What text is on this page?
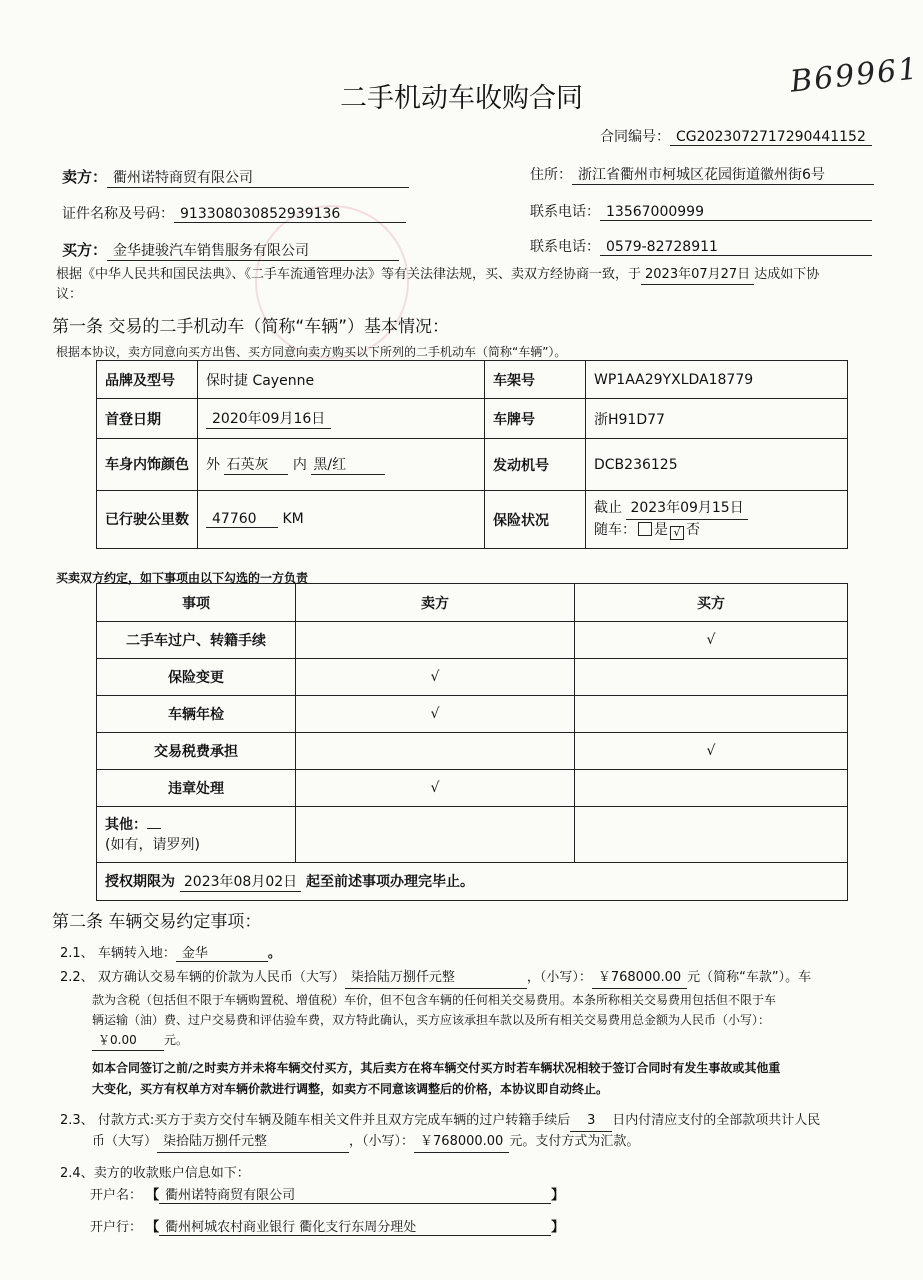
B69961
二手机动车收购合同
合同编号： CG2023072717290441152
卖方： 衢州诺特商贸有限公司	住所： 浙江省衢州市柯城区花园街道徽州街6号
证件名称及号码： 913308030852939136	联系电话： 13567000999
买方： 金华捷骏汽车销售服务有限公司	联系电话： 0579-82728911
根据《中华人民共和国民法典》、《二手车流通管理办法》等有关法律法规，买、卖双方经协商一致，于 2023年07月27日 达成如下协
议：
第一条 交易的二手机动车（简称“车辆”）基本情况：
根据本协议，卖方同意向买方出售、买方同意向卖方购买以下所列的二手机动车（简称“车辆”）。
品牌及型号	保时捷 Cayenne	车架号	WP1AA29YXLDA18779
首登日期	2020年09月16日	车牌号	浙H91D77
车身内饰颜色	外 石英灰 内 黑/红	发动机号	DCB236125
已行驶公里数	47760 KM	保险状况	截止 2023年09月15日
随车： 是 √ 否
买卖双方约定，如下事项由以下勾选的一方负责
事项	卖方	买方
二手车过户、转籍手续		√
保险变更	√	
车辆年检	√	
交易税费承担		√
违章处理	√	
其他：
(如有，请罗列)		
授权期限为 2023年08月02日 起至前述事项办理完毕止。		
第二条 车辆交易约定事项：
2.1、 车辆转入地： 金华	。
2.2、 双方确认交易车辆的价款为人民币（大写） 柒拾陆万捌仟元整	，（小写）： ￥768000.00 元（简称“车款”）。车
款为含税（包括但不限于车辆购置税、增值税）车价，但不包含车辆的任何相关交易费用。本条所称相关交易费用包括但不限于车
辆运输（油）费、过户交易费和评估验车费，双方特此确认，买方应该承担车款以及所有相关交易费用总金额为人民币（小写）：
￥0.00 元。
如本合同签订之前/之时卖方并未将车辆交付买方，其后卖方在将车辆交付买方时若车辆状况相较于签订合同时有发生事故或其他重
大变化，买方有权单方对车辆价款进行调整，如卖方不同意该调整后的价格，本协议即自动终止。
2.3、 付款方式:买方于卖方交付车辆及随车相关文件并且双方完成车辆的过户转籍手续后 3 日内付清应支付的全部款项共计人民
币（大写） 柒拾陆万捌仟元整	，（小写）： ￥768000.00 元。支付方式为汇款。
2.4、卖方的收款账户信息如下：
开户名： 【 衢州诺特商贸有限公司	】
开户行： 【 衢州柯城农村商业银行 衢化支行东周分理处	】
